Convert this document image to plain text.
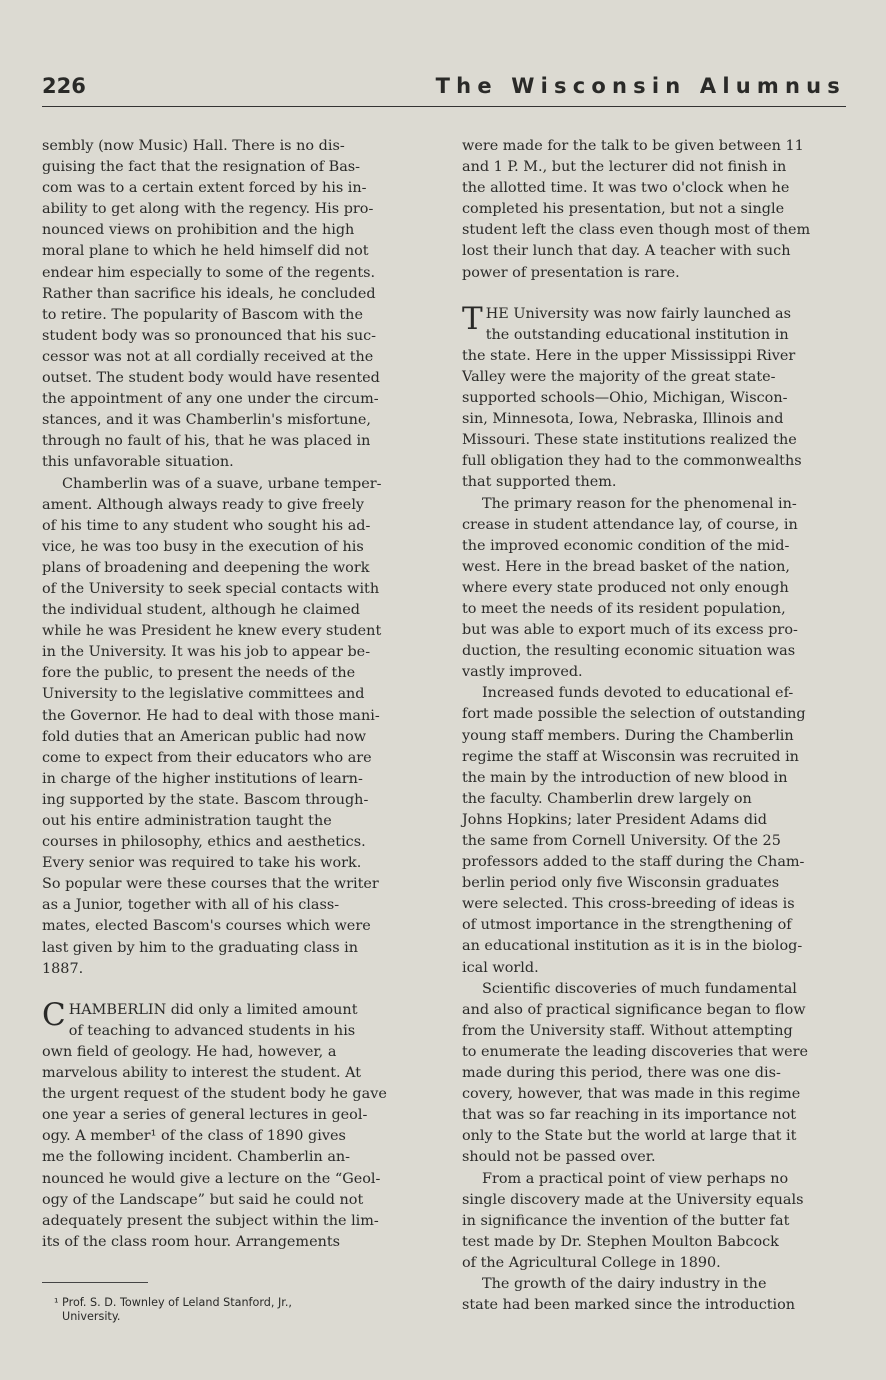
226	The Wisconsin Alumnus

sembly (now Music) Hall. There is no dis-
guising the fact that the resignation of Bas-
com was to a certain extent forced by his in-
ability to get along with the regency. His pro-
nounced views on prohibition and the high
moral plane to which he held himself did not
endear him especially to some of the regents.
Rather than sacrifice his ideals, he concluded
to retire. The popularity of Bascom with the
student body was so pronounced that his suc-
cessor was not at all cordially received at the
outset. The student body would have resented
the appointment of any one under the circum-
stances, and it was Chamberlin's misfortune,
through no fault of his, that he was placed in
this unfavorable situation.

Chamberlin was of a suave, urbane temper-
ament. Although always ready to give freely
of his time to any student who sought his ad-
vice, he was too busy in the execution of his
plans of broadening and deepening the work
of the University to seek special contacts with
the individual student, although he claimed
while he was President he knew every student
in the University. It was his job to appear be-
fore the public, to present the needs of the
University to the legislative committees and
the Governor. He had to deal with those mani-
fold duties that an American public had now
come to expect from their educators who are
in charge of the higher institutions of learn-
ing supported by the state. Bascom through-
out his entire administration taught the
courses in philosophy, ethics and aesthetics.
Every senior was required to take his work.
So popular were these courses that the writer
as a Junior, together with all of his class-
mates, elected Bascom's courses which were
last given by him to the graduating class in
1887.

CHAMBERLIN did only a limited amount
of teaching to advanced students in his
own field of geology. He had, however, a
marvelous ability to interest the student. At
the urgent request of the student body he gave
one year a series of general lectures in geol-
ogy. A member¹ of the class of 1890 gives
me the following incident. Chamberlin an-
nounced he would give a lecture on the “Geol-
ogy of the Landscape” but said he could not
adequately present the subject within the lim-
its of the class room hour. Arrangements

were made for the talk to be given between 11
and 1 P. M., but the lecturer did not finish in
the allotted time. It was two o'clock when he
completed his presentation, but not a single
student left the class even though most of them
lost their lunch that day. A teacher with such
power of presentation is rare.

THE University was now fairly launched as
the outstanding educational institution in
the state. Here in the upper Mississippi River
Valley were the majority of the great state-
supported schools—Ohio, Michigan, Wiscon-
sin, Minnesota, Iowa, Nebraska, Illinois and
Missouri. These state institutions realized the
full obligation they had to the commonwealths
that supported them.

The primary reason for the phenomenal in-
crease in student attendance lay, of course, in
the improved economic condition of the mid-
west. Here in the bread basket of the nation,
where every state produced not only enough
to meet the needs of its resident population,
but was able to export much of its excess pro-
duction, the resulting economic situation was
vastly improved.

Increased funds devoted to educational ef-
fort made possible the selection of outstanding
young staff members. During the Chamberlin
regime the staff at Wisconsin was recruited in
the main by the introduction of new blood in
the faculty. Chamberlin drew largely on
Johns Hopkins; later President Adams did
the same from Cornell University. Of the 25
professors added to the staff during the Cham-
berlin period only five Wisconsin graduates
were selected. This cross-breeding of ideas is
of utmost importance in the strengthening of
an educational institution as it is in the biolog-
ical world.

Scientific discoveries of much fundamental
and also of practical significance began to flow
from the University staff. Without attempting
to enumerate the leading discoveries that were
made during this period, there was one dis-
covery, however, that was made in this regime
that was so far reaching in its importance not
only to the State but the world at large that it
should not be passed over.

From a practical point of view perhaps no
single discovery made at the University equals
in significance the invention of the butter fat
test made by Dr. Stephen Moulton Babcock
of the Agricultural College in 1890.

The growth of the dairy industry in the
state had been marked since the introduction

¹ Prof. S. D. Townley of Leland Stanford, Jr.,
University.
